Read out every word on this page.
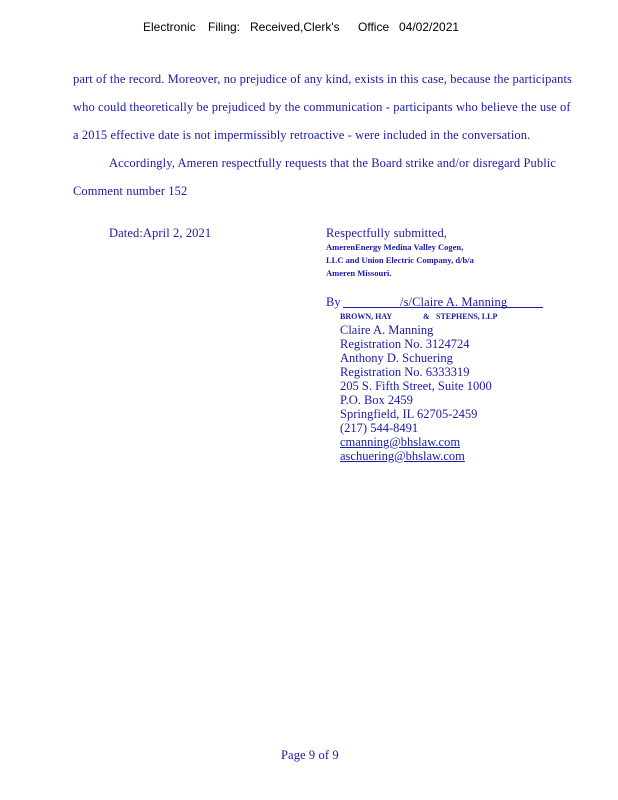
Electronic Filing: Received,Clerk's Office 04/02/2021
part of the record. Moreover, no prejudice of any kind, exists in this case, because the participants
who could theoretically be prejudiced by the communication - participants who believe the use of
a 2015 effective date is not impermissibly retroactive - were included in the conversation.
Accordingly, Ameren respectfully requests that the Board strike and/or disregard Public
Comment number 152
Dated:April 2, 2021	Respectfully submitted,
AmerenEnergy Medina Valley Cogen,
LLC and Union Electric Company, d/b/a
Ameren Missouri.
By	/s/Claire A. Manning
BROWN, HAY	& STEPHENS, LLP
Claire A. Manning
Registration No. 3124724
Anthony D. Schuering
Registration No. 6333319
205 S. Fifth Street, Suite 1000
P.O. Box 2459
Springfield, IL 62705-2459
(217) 544-8491
cmanning@bhslaw.com
aschuering@bhslaw.com
Page 9 of 9
